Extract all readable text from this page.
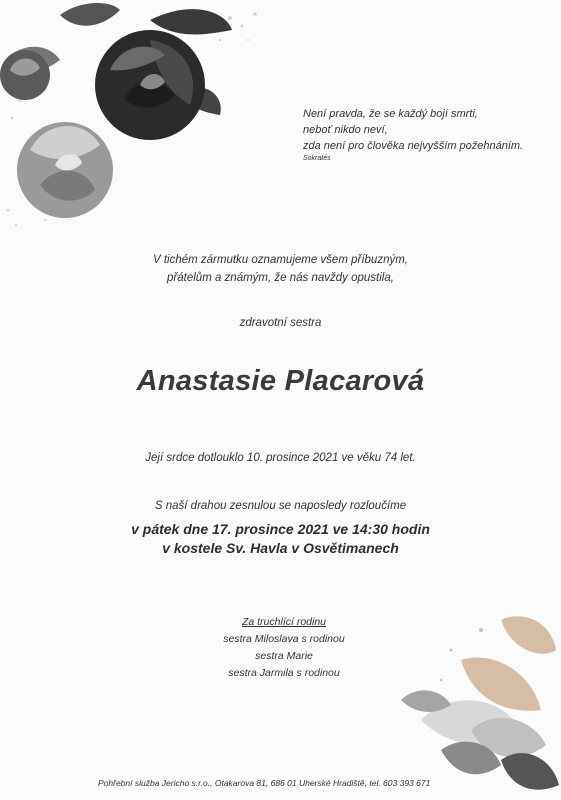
Není pravda, že se každý bojí smrti,
neboť nikdo neví,
zda není pro člověka nejvyšším požehnáním.
Sokratés
V tichém zármutku oznamujeme všem příbuzným,
přátelům a známým, že nás navždy opustila,
zdravotní sestra
Anastasie Placarová
Její srdce dotlouklo 10. prosince 2021 ve věku 74 let.
S naší drahou zesnulou se naposledy rozloučíme
v pátek dne 17. prosince 2021 ve 14:30 hodin
v kostele Sv. Havla v Osvětimanech
Za truchlící rodinu
sestra Miloslava s rodinou
sestra Marie
sestra Jarmila s rodinou
Pohřební služba Jericho s.r.o., Otakarova 81, 686 01 Uherské Hradiště, tel. 603 393 671
